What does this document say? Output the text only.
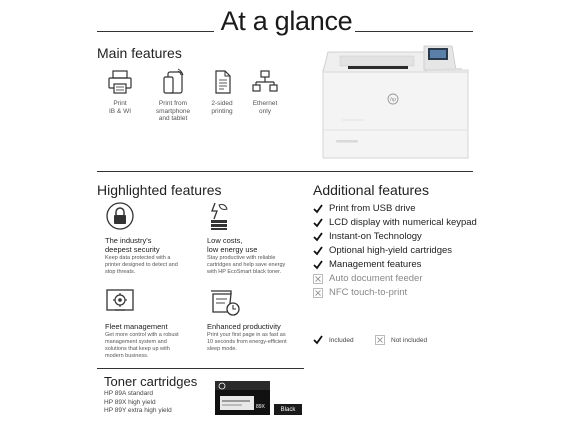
At a glance
Main features
Print
IB & WI
Print from
smartphone
and tablet
2-sided
printing
Ethernet
only
hp
Highlighted features
The industry's
deepest security
Keep data protected with a
printer designed to detect and
stop threats.
Low costs,
low energy use
Stay productive with reliable
cartridges and help save energy
with HP EcoSmart black toner.
Fleet management
Get more control with a robust
management system and
solutions that keep up with
modern business.
Enhanced productivity
Print your first page in as fast as
10 seconds from energy-efficient
sleep mode.
Additional features
Print from USB drive
LCD display with numerical keypad
Instant-on Technology
Optional high-yield cartridges
Management features
Auto document feeder
NFC touch-to-print
Included	Not included
Toner cartridges
HP 89A standard
HP 89X high yield
HP 89Y extra high yield	89X	Black
